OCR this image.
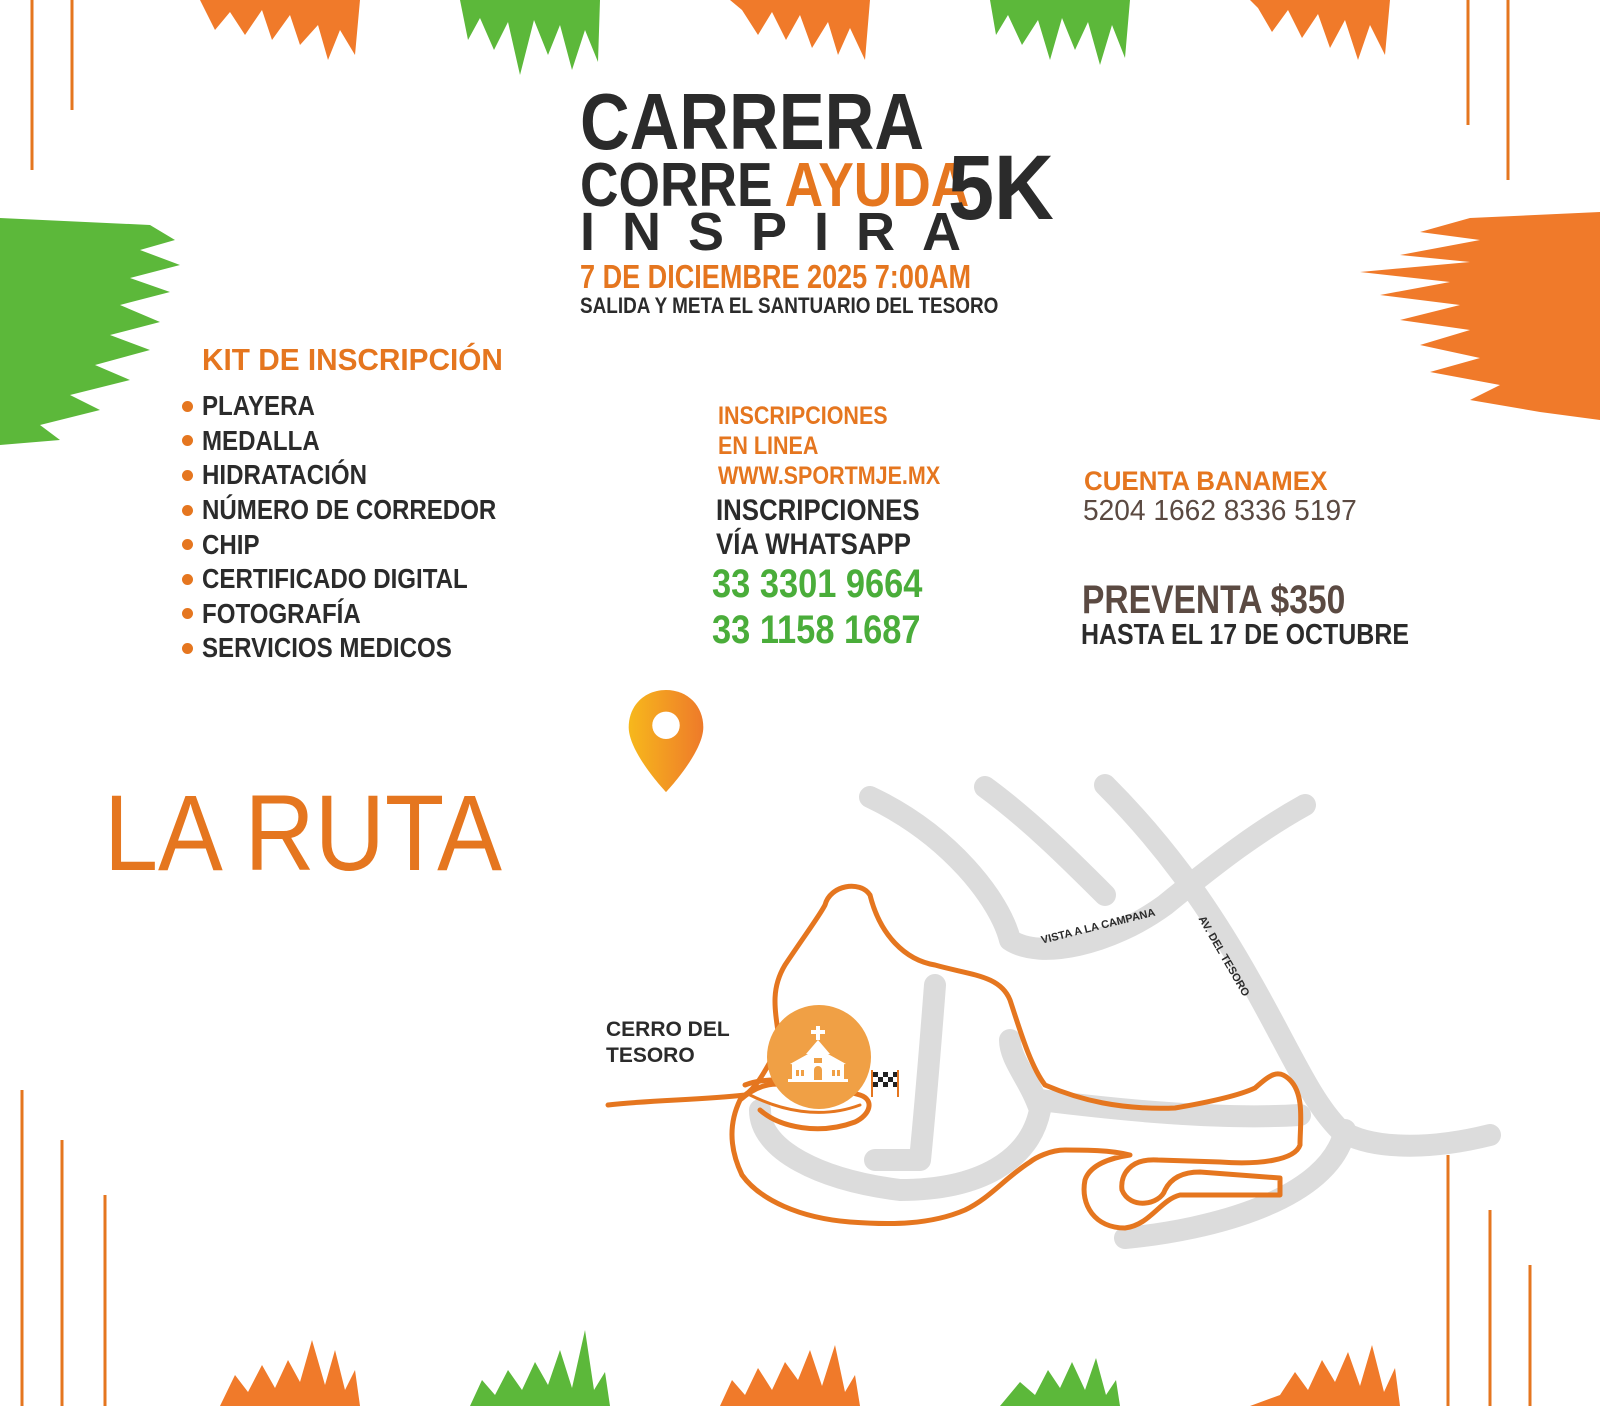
CARRERA
CORRE AYUDA
INSPIRA
5K
7 DE DICIEMBRE 2025 7:00AM
SALIDA Y META EL SANTUARIO DEL TESORO
KIT DE INSCRIPCIÓN
PLAYERA
MEDALLA
HIDRATACIÓN
NÚMERO DE CORREDOR
CHIP
CERTIFICADO DIGITAL
FOTOGRAFÍA
SERVICIOS MEDICOS
INSCRIPCIONES
EN LINEA
WWW.SPORTMJE.MX
INSCRIPCIONES
VÍA WHATSAPP
33 3301 9664
33 1158 1687
CUENTA BANAMEX
5204 1662 8336 5197
PREVENTA $350
HASTA EL 17 DE OCTUBRE
LA RUTA
CERRO DEL
TESORO
VISTA A LA CAMPANA	AV. DEL TESORO
